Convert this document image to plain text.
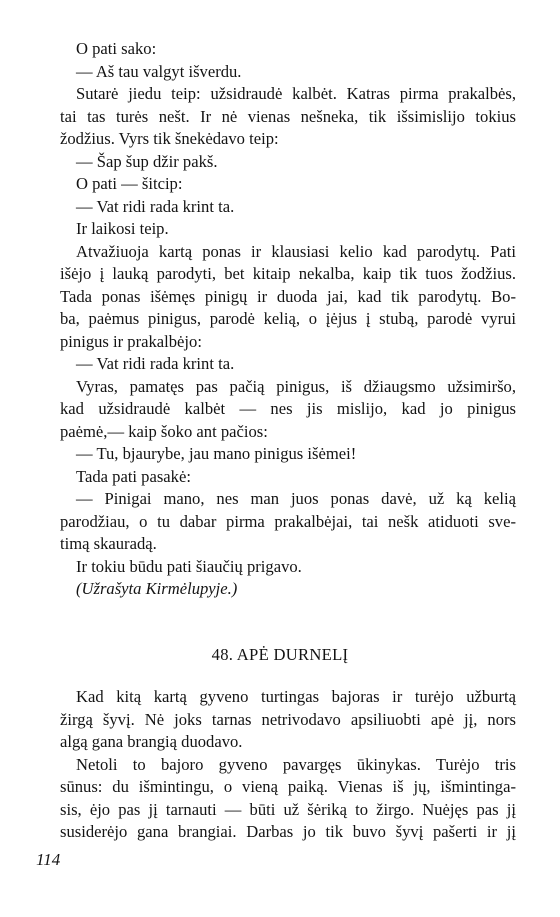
O pati sako:
— Aš tau valgyt išverdu.
Sutarė jiedu teip: užsidraudė kalbėt. Katras pirma prakalbės,
tai tas turės nešt. Ir nė vienas nešneka, tik išsimislijo tokius
žodžius. Vyrs tik šnekėdavo teip:
— Šap šup džir pakš.
O pati — šitcip:
— Vat ridi rada krint ta.
Ir laikosi teip.
Atvažiuoja kartą ponas ir klausiasi kelio kad parodytų. Pati
išėjo į lauką parodyti, bet kitaip nekalba, kaip tik tuos žodžius.
Tada ponas išėmęs pinigų ir duoda jai, kad tik parodytų. Bo-
ba, paėmus pinigus, parodė kelią, o įėjus į stubą, parodė vyrui
pinigus ir prakalbėjo:
— Vat ridi rada krint ta.
Vyras, pamatęs pas pačią pinigus, iš džiaugsmo užsimiršo,
kad užsidraudė kalbėt — nes jis mislijo, kad jo pinigus
paėmė,— kaip šoko ant pačios:
— Tu, bjaurybe, jau mano pinigus išėmei!
Tada pati pasakė:
— Pinigai mano, nes man juos ponas davė, už ką kelią
parodžiau, o tu dabar pirma prakalbėjai, tai nešk atiduoti sve-
timą skauradą.
Ir tokiu būdu pati šiaučių prigavo.
(Užrašyta Kirmėlupyje.)
48. APĖ DURNELĮ
Kad kitą kartą gyveno turtingas bajoras ir turėjo užburtą
žirgą šyvį. Nė joks tarnas netrivodavo apsiliuobti apė jį, nors
algą gana brangią duodavo.
Netoli to bajoro gyveno pavargęs ūkinykas. Turėjo tris
sūnus: du išmintingu, o vieną paiką. Vienas iš jų, išmintinga-
sis, ėjo pas jį tarnauti — būti už šėriką to žirgo. Nuėjęs pas jį
susiderėjo gana brangiai. Darbas jo tik buvo šyvį pašerti ir jį
114
